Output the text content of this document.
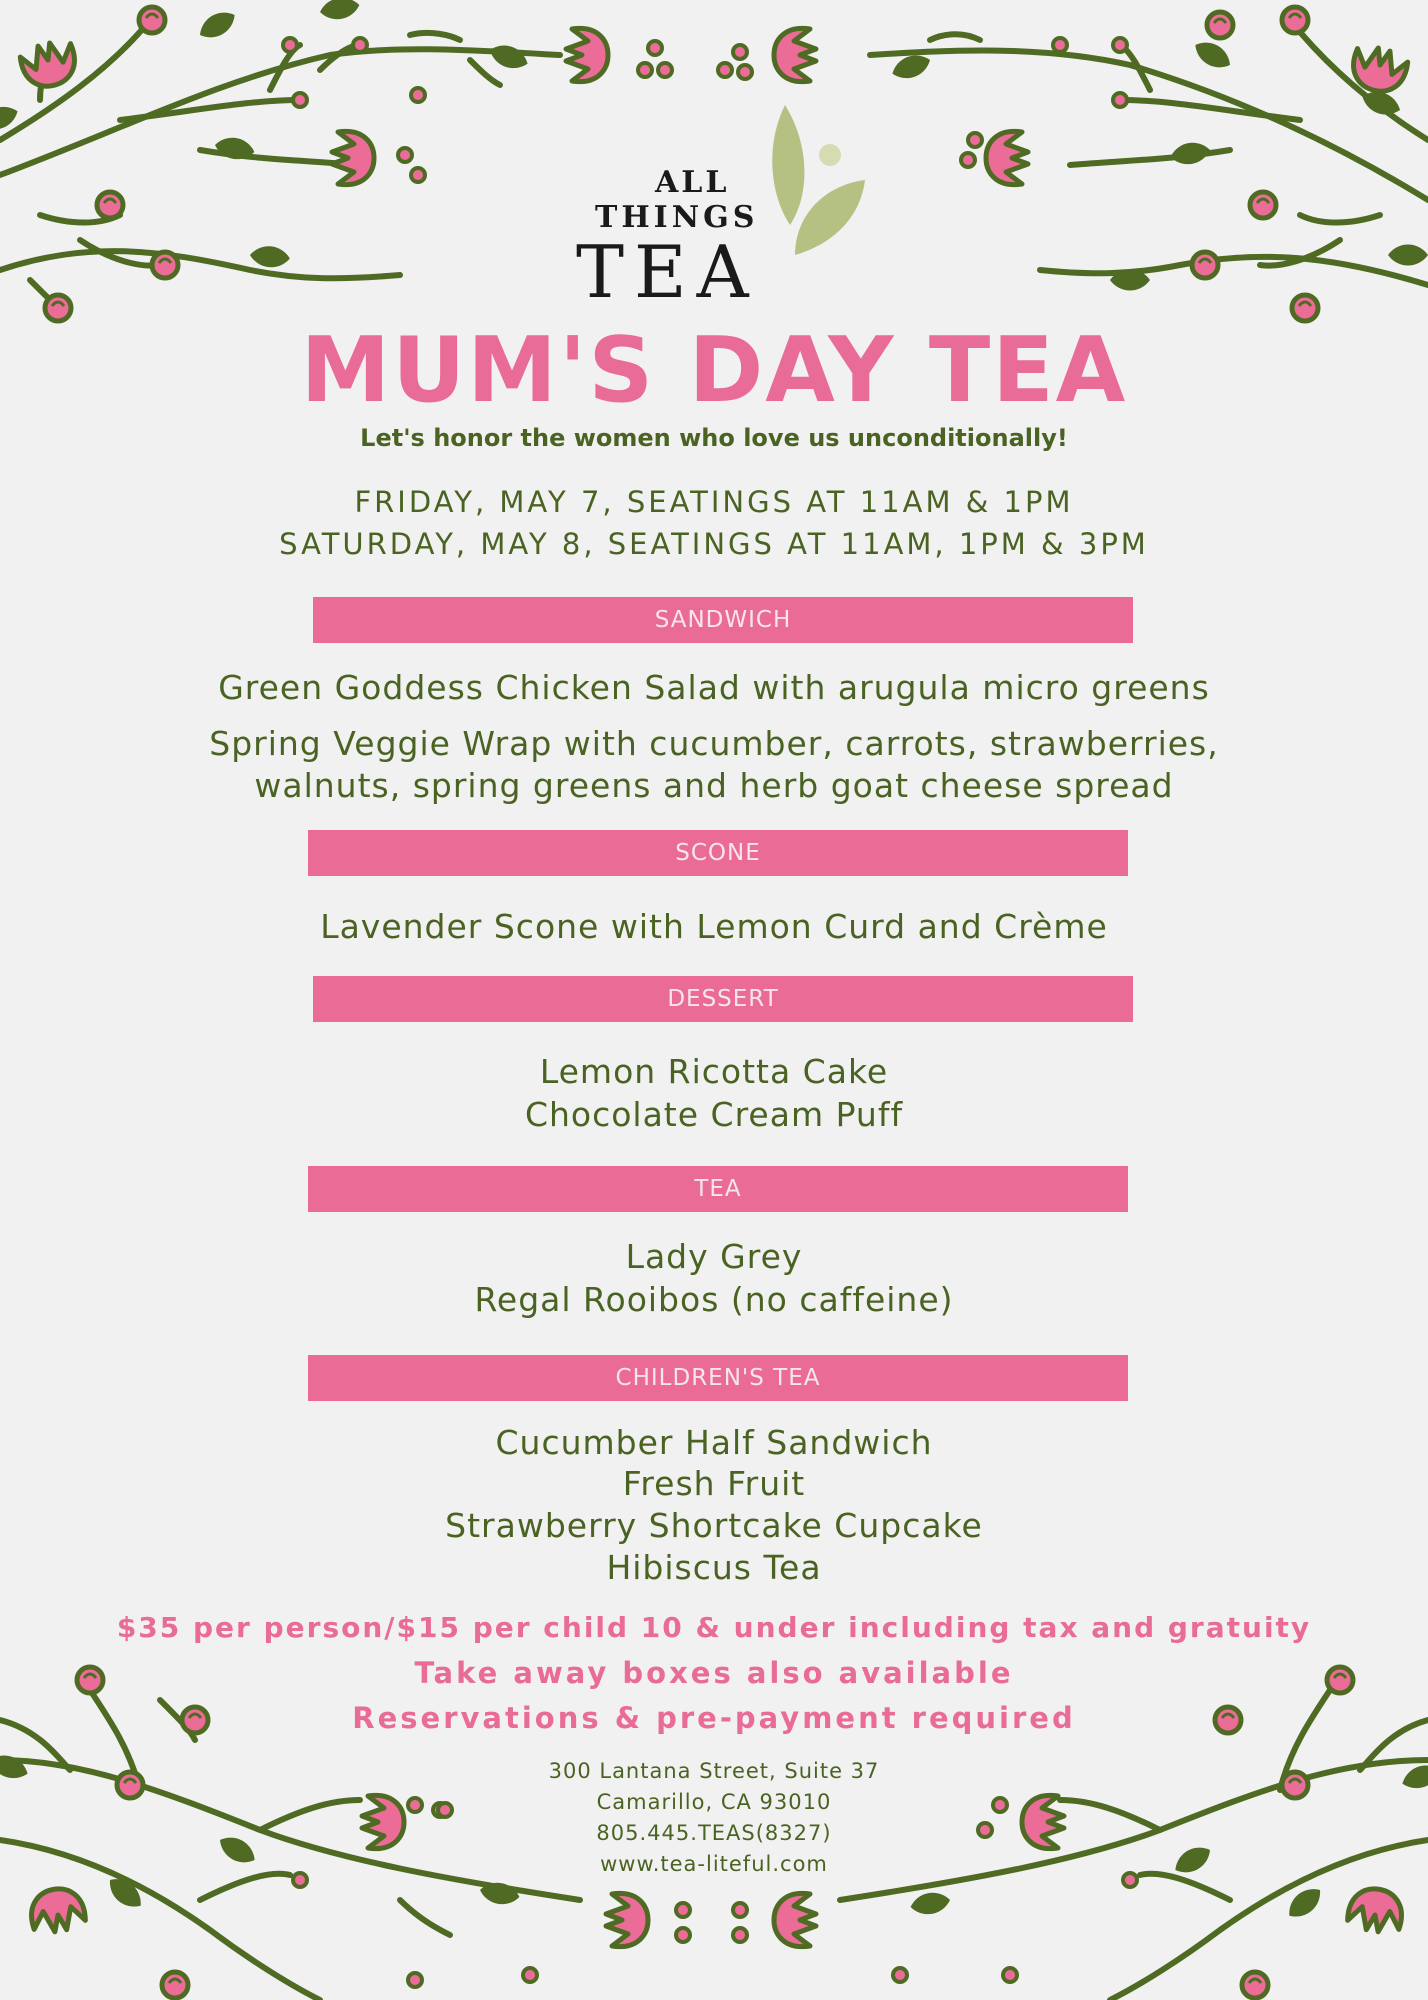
ALL
THINGS
TEA
MUM'S DAY TEA
Let's honor the women who love us unconditionally!
FRIDAY, MAY 7, SEATINGS AT 11AM & 1PM
SATURDAY, MAY 8, SEATINGS AT 11AM, 1PM & 3PM
SANDWICH
Green Goddess Chicken Salad with arugula micro greens
Spring Veggie Wrap with cucumber, carrots, strawberries,
walnuts, spring greens and herb goat cheese spread
SCONE
Lavender Scone with Lemon Curd and Crème
DESSERT
Lemon Ricotta Cake
Chocolate Cream Puff
TEA
Lady Grey
Regal Rooibos (no caffeine)
CHILDREN'S TEA
Cucumber Half Sandwich
Fresh Fruit
Strawberry Shortcake Cupcake
Hibiscus Tea
$35 per person/$15 per child 10 & under including tax and gratuity
Take away boxes also available
Reservations & pre-payment required
300 Lantana Street, Suite 37
Camarillo, CA 93010
805.445.TEAS(8327)
www.tea-liteful.com
